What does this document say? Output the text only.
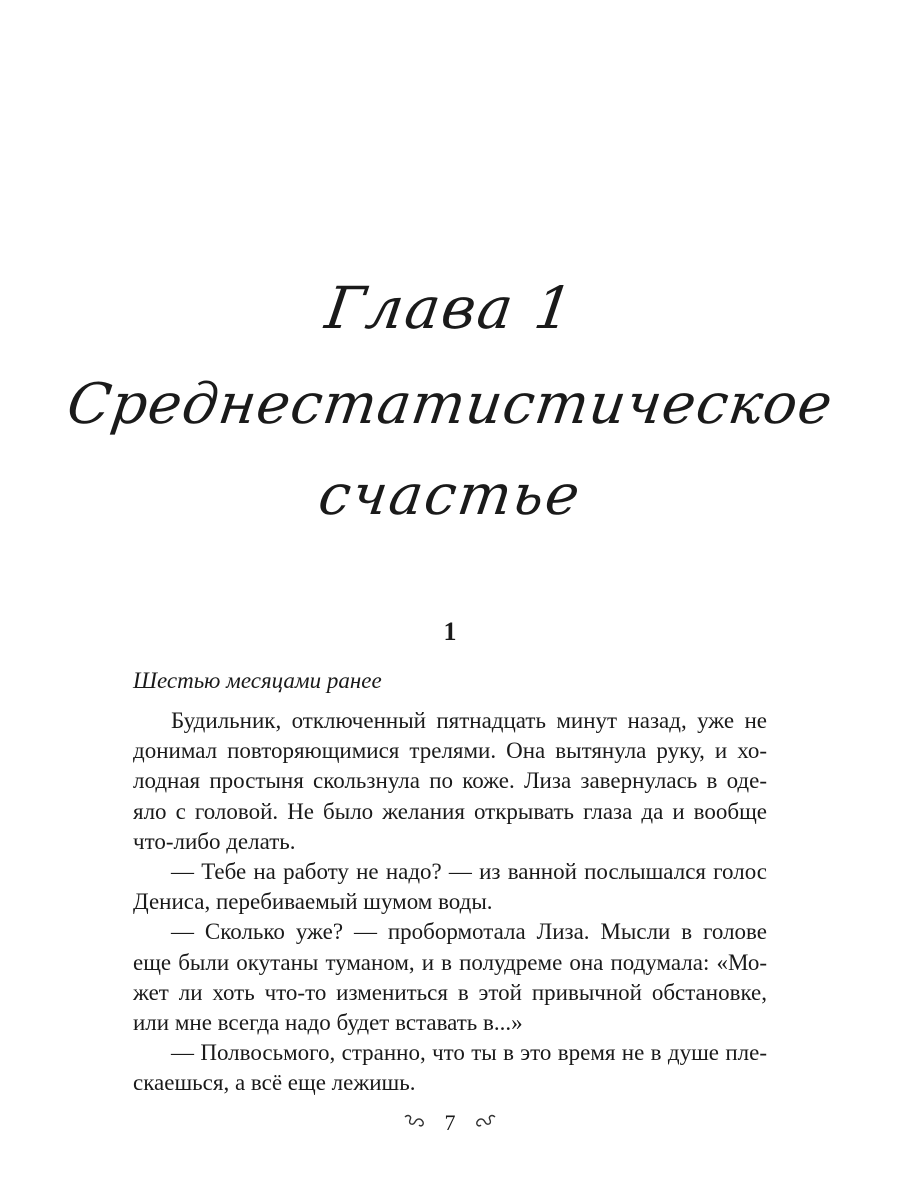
Глава 1
Среднестатистическое
счастье
1
Шестью месяцами ранее
Будильник, отключенный пятнадцать минут назад, уже не
донимал повторяющимися трелями. Она вытянула руку, и хо-
лодная простыня скользнула по коже. Лиза завернулась в оде-
яло с головой. Не было желания открывать глаза да и вообще
что-либо делать.
— Тебе на работу не надо? — из ванной послышался голос
Дениса, перебиваемый шумом воды.
— Сколько уже? — пробормотала Лиза. Мысли в голове
еще были окутаны туманом, и в полудреме она подумала: «Мо-
жет ли хоть что-то измениться в этой привычной обстановке,
или мне всегда надо будет вставать в...»
— Полвосьмого, странно, что ты в это время не в душе пле-
скаешься, а всё еще лежишь.
7
